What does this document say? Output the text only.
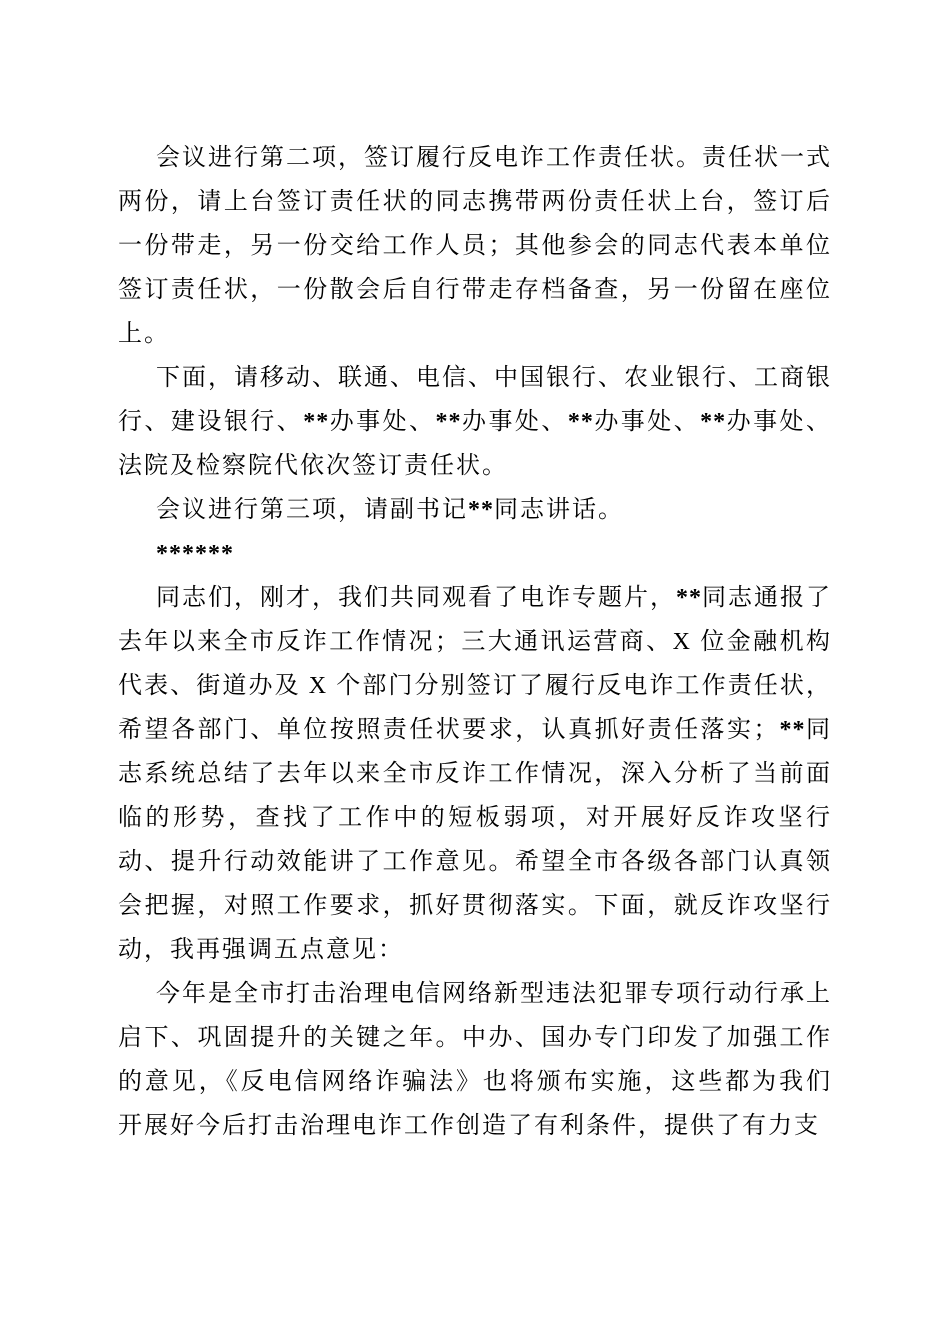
会议进行第二项，签订履行反电诈工作责任状。责任状一式两份，请上台签订责任状的同志携带两份责任状上台，签订后一份带走，另一份交给工作人员；其他参会的同志代表本单位签订责任状，一份散会后自行带走存档备查，另一份留在座位上。

下面，请移动、联通、电信、中国银行、农业银行、工商银行、建设银行、**办事处、**办事处、**办事处、**办事处、法院及检察院代依次签订责任状。

会议进行第三项，请副书记**同志讲话。

******

同志们，刚才，我们共同观看了电诈专题片，**同志通报了去年以来全市反诈工作情况；三大通讯运营商、X 位金融机构代表、街道办及 X 个部门分别签订了履行反电诈工作责任状，希望各部门、单位按照责任状要求，认真抓好责任落实；**同志系统总结了去年以来全市反诈工作情况，深入分析了当前面临的形势，查找了工作中的短板弱项，对开展好反诈攻坚行动、提升行动效能讲了工作意见。希望全市各级各部门认真领会把握，对照工作要求，抓好贯彻落实。下面，就反诈攻坚行动，我再强调五点意见：

今年是全市打击治理电信网络新型违法犯罪专项行动行承上启下、巩固提升的关键之年。中办、国办专门印发了加强工作的意见，《反电信网络诈骗法》也将颁布实施，这些都为我们开展好今后打击治理电诈工作创造了有利条件，提供了有力支
